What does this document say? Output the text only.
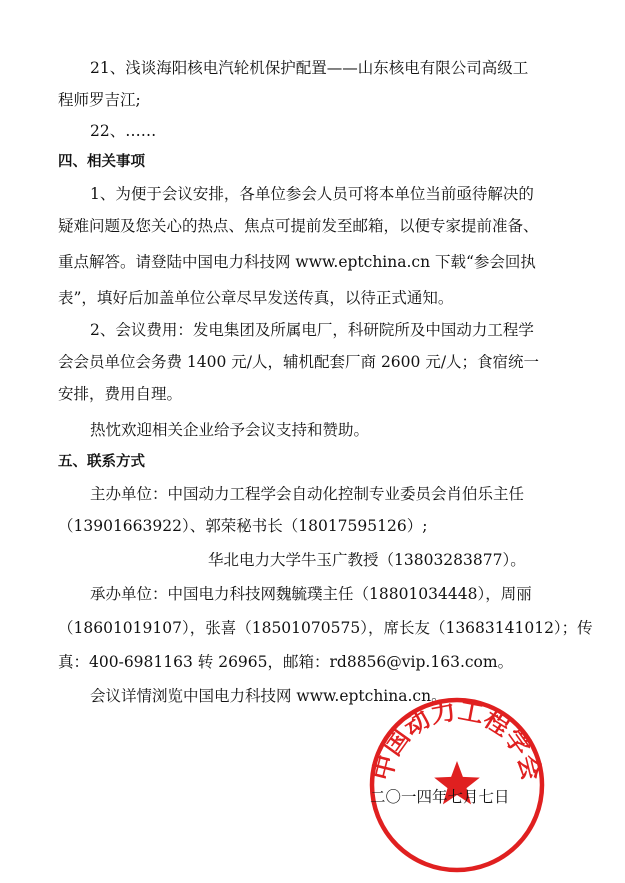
21、浅谈海阳核电汽轮机保护配置——山东核电有限公司高级工
程师罗吉江;
22、……
四、相关事项
1、为便于会议安排，各单位参会人员可将本单位当前亟待解决的
疑难问题及您关心的热点、焦点可提前发至邮箱，以便专家提前准备、
重点解答。请登陆中国电力科技网 www.eptchina.cn 下载“参会回执
表”，填好后加盖单位公章尽早发送传真，以待正式通知。
2、会议费用：发电集团及所属电厂，科研院所及中国动力工程学
会会员单位会务费 1400 元/人，辅机配套厂商 2600 元/人；食宿统一
安排，费用自理。
热忱欢迎相关企业给予会议支持和赞助。
五、联系方式
主办单位：中国动力工程学会自动化控制专业委员会肖伯乐主任
（13901663922）、郭荣秘书长（18017595126）;
华北电力大学牛玉广教授（13803283877）。
承办单位：中国电力科技网魏毓璞主任（18801034448），周丽
（18601019107），张喜（18501070575），席长友（13683141012）；传
真：400-6981163 转 26965，邮箱：rd8856@vip.163.com。
会议详情浏览中国电力科技网 www.eptchina.cn。
中国动力工程学会
二〇一四年七月七日
